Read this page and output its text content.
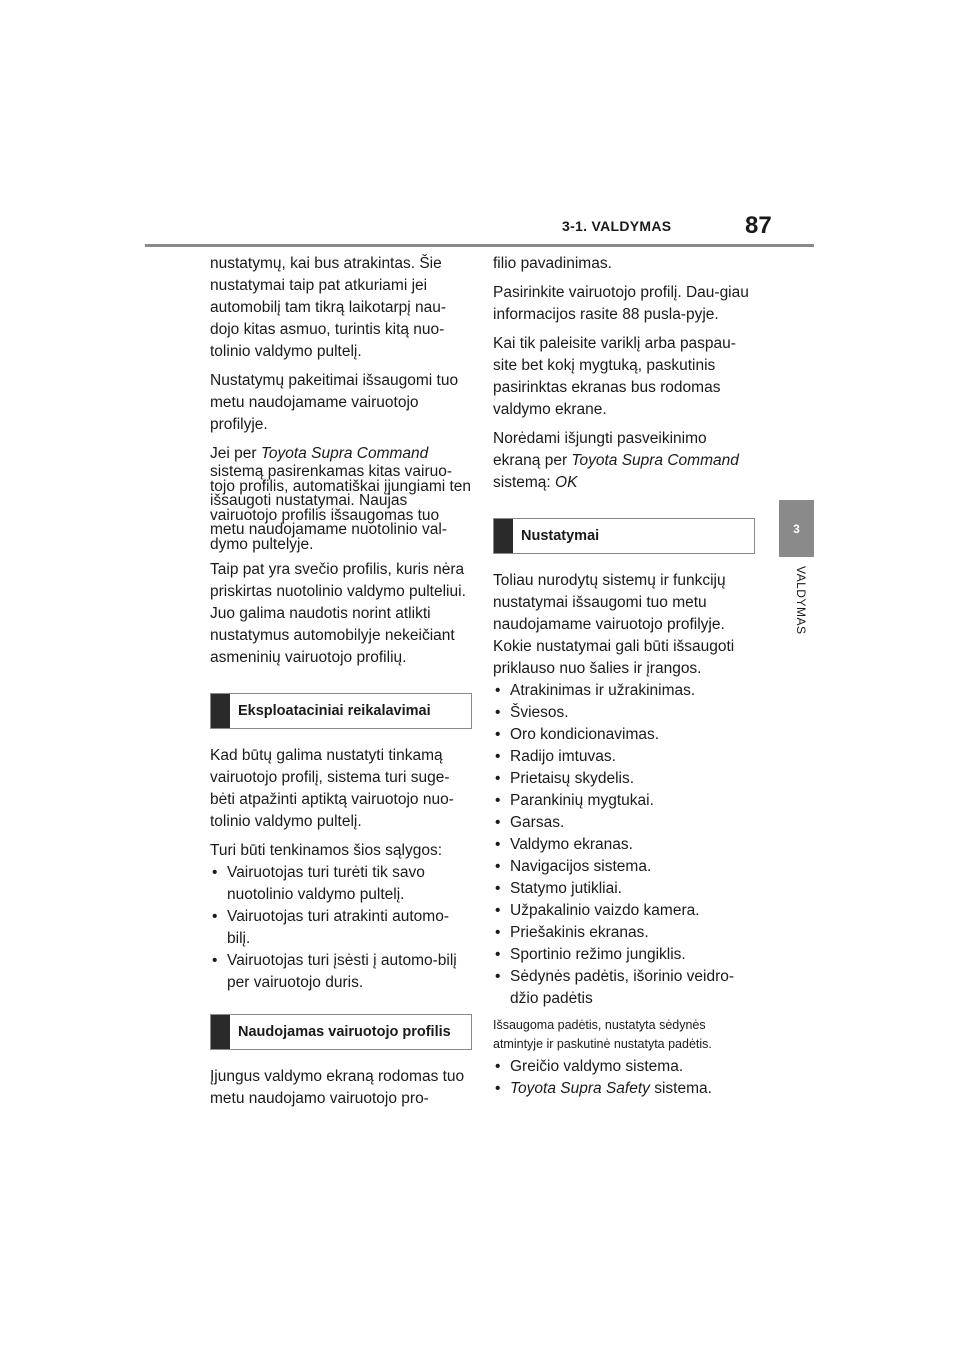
3-1. VALDYMAS	87
3
VALDYMAS

nustatymų, kai bus atrakintas. Šie nustatymai taip pat atkuriami jei automobilį tam tikrą laikotarpį nau-dojo kitas asmuo, turintis kitą nuo-tolinio valdymo pultelį.

Nustatymų pakeitimai išsaugomi tuo metu naudojamame vairuotojo profilyje.

Jei per Toyota Supra Command
sistemą pasirenkamas kitas vairuo-tojo profilis, automatiškai įjungiami ten išsaugoti nustatymai. Naujas vairuotojo profilis išsaugomas tuo metu naudojamame nuotolinio val-dymo pultelyje.

Taip pat yra svečio profilis, kuris nėra priskirtas nuotolinio valdymo pulteliui. Juo galima naudotis norint atlikti nustatymus automobilyje nekeičiant asmeninių vairuotojo profilių.

Eksploataciniai reikalavimai

Kad būtų galima nustatyti tinkamą vairuotojo profilį, sistema turi suge-bėti atpažinti aptiktą vairuotojo nuo-tolinio valdymo pultelį.

Turi būti tenkinamos šios sąlygos:

• Vairuotojas turi turėti tik savo nuotolinio valdymo pultelį.
• Vairuotojas turi atrakinti automo-bilį.
• Vairuotojas turi įsėsti į automo-bilį per vairuotojo duris.
Naudojamas vairuotojo profilis

Įjungus valdymo ekraną rodomas tuo metu naudojamo vairuotojo pro-

filio pavadinimas.

Pasirinkite vairuotojo profilį. Dau-giau informacijos rasite 88 pusla-pyje.

Kai tik paleisite variklį arba paspau-site bet kokį mygtuką, paskutinis pasirinktas ekranas bus rodomas valdymo ekrane.

Norėdami išjungti pasveikinimo ekraną per Toyota Supra Command sistemą: OK

Nustatymai

Toliau nurodytų sistemų ir funkcijų nustatymai išsaugomi tuo metu naudojamame vairuotojo profilyje. Kokie nustatymai gali būti išsaugoti priklauso nuo šalies ir įrangos.

• Atrakinimas ir užrakinimas.
• Šviesos.
• Oro kondicionavimas.
• Radijo imtuvas.
• Prietaisų skydelis.
• Parankinių mygtukai.
• Garsas.
• Valdymo ekranas.
• Navigacijos sistema.
• Statymo jutikliai.
• Užpakalinio vaizdo kamera.
• Priešakinis ekranas.
• Sportinio režimo jungiklis.
• Sėdynės padėtis, išorinio veidro-džio padėtis

Išsaugoma padėtis, nustatyta sėdynės atmintyje ir paskutinė nustatyta padėtis.

• Greičio valdymo sistema.
• Toyota Supra Safety sistema.
